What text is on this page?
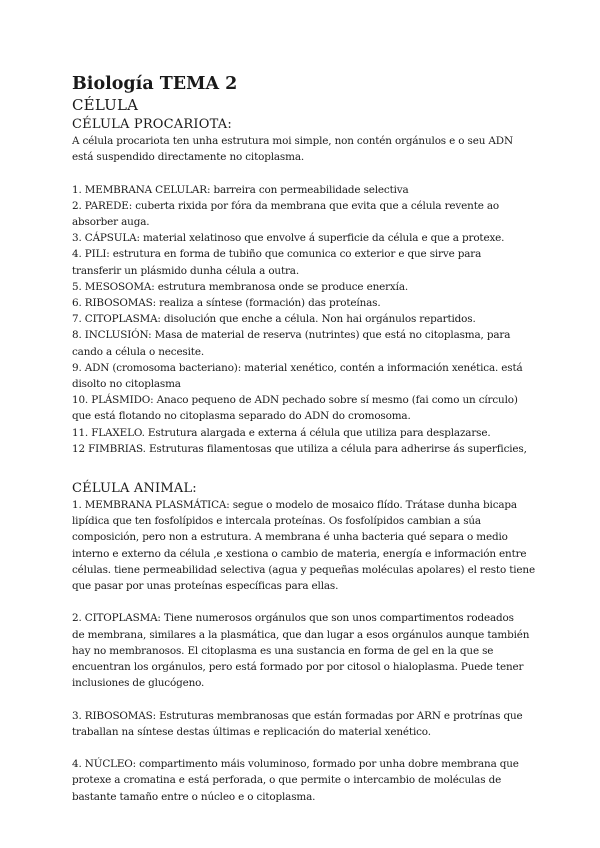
Biología TEMA 2
CÉLULA
CÉLULA PROCARIOTA:

A célula procariota ten unha estrutura moi simple, non contén orgánulos e o seu ADN

está suspendido directamente no citoplasma.

1. MEMBRANA CELULAR: barreira con permeabilidade selectiva

2. PAREDE: cuberta rixida por fóra da membrana que evita que a célula revente ao

absorber auga.

3. CÁPSULA: material xelatinoso que envolve á superficie da célula e que a protexe.

4. PILI: estrutura en forma de tubiño que comunica co exterior e que sirve para

transferir un plásmido dunha célula a outra.

5. MESOSOMA: estrutura membranosa onde se produce enerxía.

6. RIBOSOMAS: realiza a síntese (formación) das proteínas.

7. CITOPLASMA: disolución que enche a célula. Non hai orgánulos repartidos.

8. INCLUSIÓN: Masa de material de reserva (nutrintes) que está no citoplasma, para

cando a célula o necesite.

9. ADN (cromosoma bacteriano): material xenético, contén a información xenética. está

disolto no citoplasma

10. PLÁSMIDO: Anaco pequeno de ADN pechado sobre sí mesmo (fai como un círculo)

que está flotando no citoplasma separado do ADN do cromosoma.

11. FLAXELO. Estrutura alargada e externa á célula que utiliza para desplazarse.

12 FIMBRIAS. Estruturas filamentosas que utiliza a célula para adherirse ás superficies,

CÉLULA ANIMAL:

1. MEMBRANA PLASMÁTICA: segue o modelo de mosaico flído. Trátase dunha bicapa

lipídica que ten fosfolípidos e intercala proteínas. Os fosfolípidos cambian a súa

composición, pero non a estrutura. A membrana é unha bacteria qué separa o medio

interno e externo da célula ,e xestiona o cambio de materia, energía e información entre

células. tiene permeabilidad selectiva (agua y pequeñas moléculas apolares) el resto tiene

que pasar por unas proteínas específicas para ellas.

2. CITOPLASMA: Tiene numerosos orgánulos que son unos compartimentos rodeados

de membrana, similares a la plasmática, que dan lugar a esos orgánulos aunque también

hay no membranosos. El citoplasma es una sustancia en forma de gel en la que se

encuentran los orgánulos, pero está formado por por citosol o hialoplasma. Puede tener

inclusiones de glucógeno.

3. RIBOSOMAS: Estruturas membranosas que están formadas por ARN e protrínas que

traballan na síntese destas últimas e replicación do material xenético.

4. NÚCLEO: compartimento máis voluminoso, formado por unha dobre membrana que

protexe a cromatina e está perforada, o que permite o intercambio de moléculas de

bastante tamaño entre o núcleo e o citoplasma.
